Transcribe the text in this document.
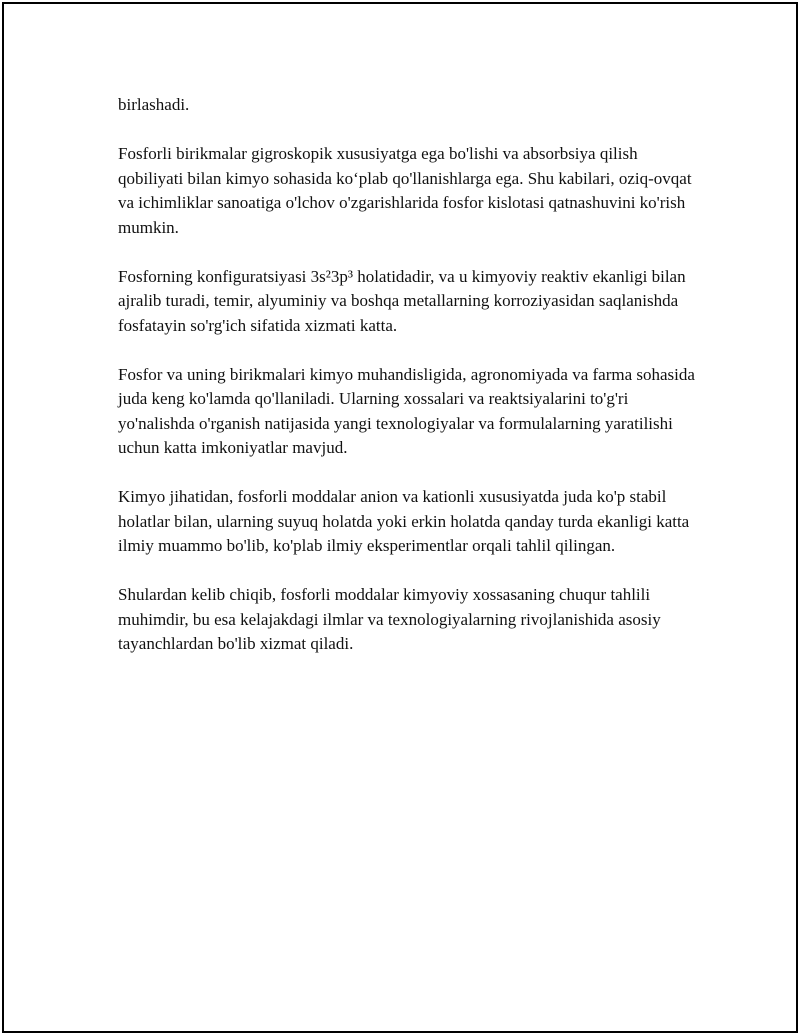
birlashadi.

Fosforli birikmalar gigroskopik xususiyatga ega bo'lishi va absorbsiya qilish qobiliyati bilan kimyo sohasida koʻplab qo'llanishlarga ega. Shu kabilari, oziq-ovqat va ichimliklar sanoatiga o'lchov o'zgarishlarida fosfor kislotasi qatnashuvini ko'rish mumkin.

Fosforning konfiguratsiyasi 3s²3p³ holatidadir, va u kimyoviy reaktiv ekanligi bilan ajralib turadi, temir, alyuminiy va boshqa metallarning korroziyasidan saqlanishda fosfatayin so'rg'ich sifatida xizmati katta.

Fosfor va uning birikmalari kimyo muhandisligida, agronomiyada va farma sohasida juda keng ko'lamda qo'llaniladi. Ularning xossalari va reaktsiyalarini to'g'ri yo'nalishda o'rganish natijasida yangi texnologiyalar va formulalarning yaratilishi uchun katta imkoniyatlar mavjud.

Kimyo jihatidan, fosforli moddalar anion va kationli xususiyatda juda ko'p stabil holatlar bilan, ularning suyuq holatda yoki erkin holatda qanday turda ekanligi katta ilmiy muammo bo'lib, ko'plab ilmiy eksperimentlar orqali tahlil qilingan.

Shulardan kelib chiqib, fosforli moddalar kimyoviy xossasaning chuqur tahlili muhimdir, bu esa kelajakdagi ilmlar va texnologiyalarning rivojlanishida asosiy tayanchlardan bo'lib xizmat qiladi.
